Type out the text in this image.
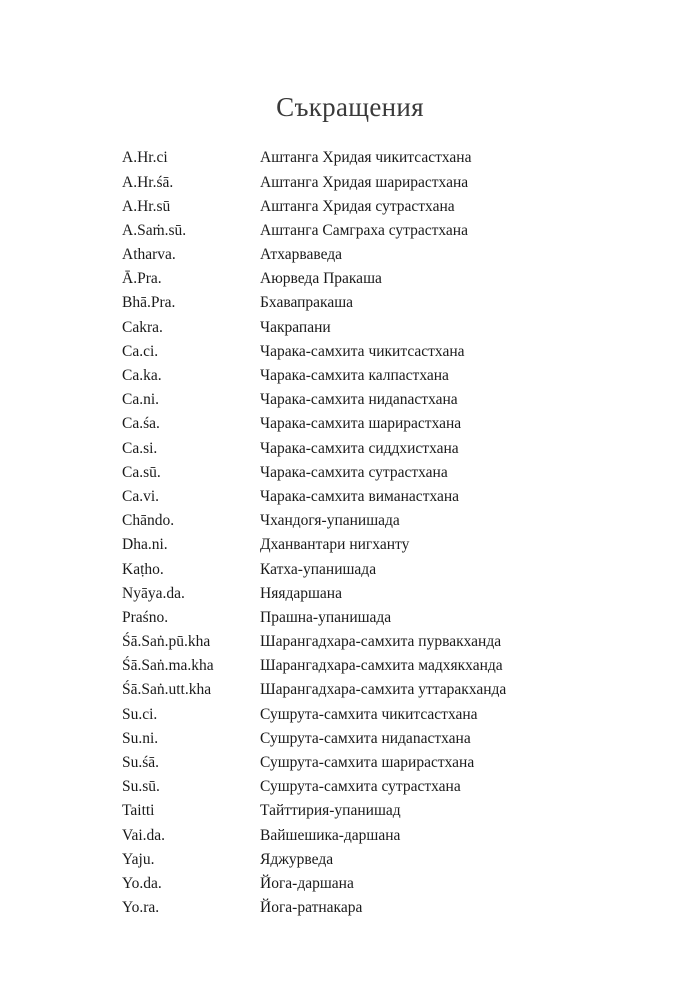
Съкращения
A.Hr.ci	Аштанга Хридая чикитсастхана
A.Hr.śā.	Аштанга Хридая шарирастхана
A.Hr.sū	Аштанга Хридая сутрастхана
A.Saṁ.sū.	Аштанга Самграха сутрастхана
Atharva.	Атхарваведа
Ā.Pra.	Аюрведа Пракаша
Bhā.Pra.	Бхавапракаша
Cakra.	Чакрапани
Ca.ci.	Чарака-самхита чикитсастхана
Ca.ka.	Чарака-самхита калпастхана
Ca.ni.	Чарака-самхита нидanaстхана
Ca.śa.	Чарака-самхита шарирастхана
Ca.si.	Чарака-самхита сиддхистхана
Ca.sū.	Чарака-самхита сутрастхана
Ca.vi.	Чарака-самхита виманастхана
Chāndo.	Чхандогя-упанишада
Dha.ni.	Дханвантари нигханту
Kaṭho.	Катха-упанишада
Nyāya.da.	Няядаршана
Praśno.	Прашна-упанишада
Śā.Saṅ.pū.kha	Шарангадхара-самхита пурвакханда
Śā.Saṅ.ma.kha	Шарангадхара-самхита мадхякханда
Śā.Saṅ.utt.kha	Шарангадхара-самхита уттаракханда
Su.ci.	Сушрута-самхита чикитсастхана
Su.ni.	Сушрута-самхита нидanaстхана
Su.śā.	Сушрута-самхита шарирастхана
Su.sū.	Сушрута-самхита сутрастхана
Taitti	Тайттирия-упанишад
Vai.da.	Вайшешика-даршана
Yaju.	Яджурведа
Yo.da.	Йога-даршана
Yo.ra.	Йога-ратнакара
